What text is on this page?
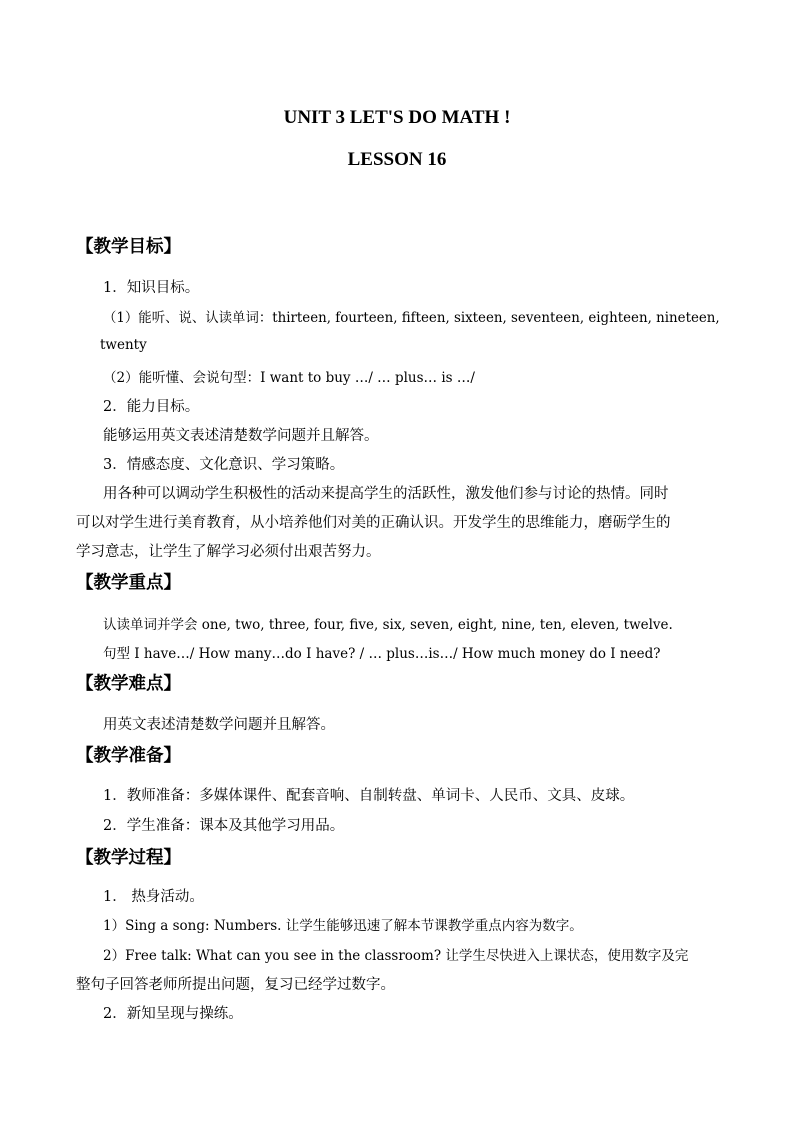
UNIT 3 LET'S DO MATH !
LESSON 16
【教学目标】
1．知识目标。
（1）能听、说、认读单词：thirteen, fourteen, fifteen, sixteen, seventeen, eighteen, nineteen,
twenty
（2）能听懂、会说句型：I want to buy …/ … plus… is …/
2．能力目标。
能够运用英文表述清楚数学问题并且解答。
3．情感态度、文化意识、学习策略。
用各种可以调动学生积极性的活动来提高学生的活跃性，激发他们参与讨论的热情。同时
可以对学生进行美育教育，从小培养他们对美的正确认识。开发学生的思维能力，磨砺学生的
学习意志，让学生了解学习必须付出艰苦努力。
【教学重点】
认读单词并学会 one, two, three, four, five, six, seven, eight, nine, ten, eleven, twelve.
句型 I have…/ How many…do I have? / … plus…is…/ How much money do I need?
【教学难点】
用英文表述清楚数学问题并且解答。
【教学准备】
1．教师准备：多媒体课件、配套音响、自制转盘、单词卡、人民币、文具、皮球。
2．学生准备：课本及其他学习用品。
【教学过程】
1． 热身活动。
1）Sing a song: Numbers. 让学生能够迅速了解本节课教学重点内容为数字。
2）Free talk: What can you see in the classroom? 让学生尽快进入上课状态，使用数字及完
整句子回答老师所提出问题，复习已经学过数字。
2．新知呈现与操练。
